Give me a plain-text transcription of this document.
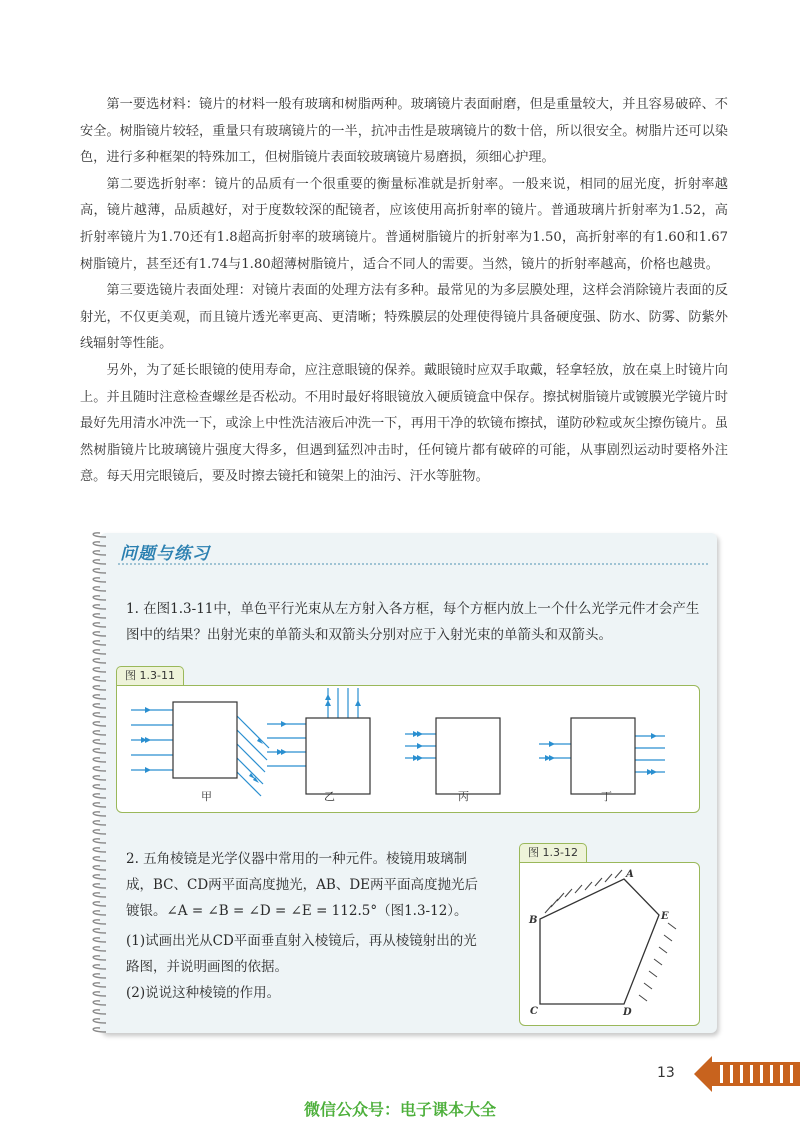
第一要选材料：镜片的材料一般有玻璃和树脂两种。玻璃镜片表面耐磨，但是重量较大，并且容易破碎、不安全。树脂镜片较轻，重量只有玻璃镜片的一半，抗冲击性是玻璃镜片的数十倍，所以很安全。树脂片还可以染色，进行多种框架的特殊加工，但树脂镜片表面较玻璃镜片易磨损，须细心护理。

第二要选折射率：镜片的品质有一个很重要的衡量标准就是折射率。一般来说，相同的屈光度，折射率越高，镜片越薄，品质越好，对于度数较深的配镜者，应该使用高折射率的镜片。普通玻璃片折射率为1.52，高折射率镜片为1.70还有1.8超高折射率的玻璃镜片。普通树脂镜片的折射率为1.50，高折射率的有1.60和1.67树脂镜片，甚至还有1.74与1.80超薄树脂镜片，适合不同人的需要。当然，镜片的折射率越高，价格也越贵。

第三要选镜片表面处理：对镜片表面的处理方法有多种。最常见的为多层膜处理，这样会消除镜片表面的反射光，不仅更美观，而且镜片透光率更高、更清晰；特殊膜层的处理使得镜片具备硬度强、防水、防雾、防紫外线辐射等性能。

另外，为了延长眼镜的使用寿命，应注意眼镜的保养。戴眼镜时应双手取戴，轻拿轻放，放在桌上时镜片向上。并且随时注意检查螺丝是否松动。不用时最好将眼镜放入硬质镜盒中保存。擦拭树脂镜片或镀膜光学镜片时最好先用清水冲洗一下，或涂上中性洗洁液后冲洗一下，再用干净的软镜布擦拭，谨防砂粒或灰尘擦伤镜片。虽然树脂镜片比玻璃镜片强度大得多，但遇到猛烈冲击时，任何镜片都有破碎的可能，从事剧烈运动时要格外注意。每天用完眼镜后，要及时擦去镜托和镜架上的油污、汗水等脏物。

问题与练习

1. 在图1.3-11中，单色平行光束从左方射入各方框，每个方框内放上一个什么光学元件才会产生图中的结果？出射光束的单箭头和双箭头分别对应于入射光束的单箭头和双箭头。

图 1.3-11
甲	乙	丙	丁

2. 五角棱镜是光学仪器中常用的一种元件。棱镜用玻璃制成，BC、CD两平面高度抛光，AB、DE两平面高度抛光后镀银。∠A = ∠B = ∠D = ∠E = 112.5°（图1.3-12）。

(1)试画出光从CD平面垂直射入棱镜后，再从棱镜射出的光路图，并说明画图的依据。

(2)说说这种棱镜的作用。

图 1.3-12
A
B
C	D
E
13
微信公众号：电子课本大全
